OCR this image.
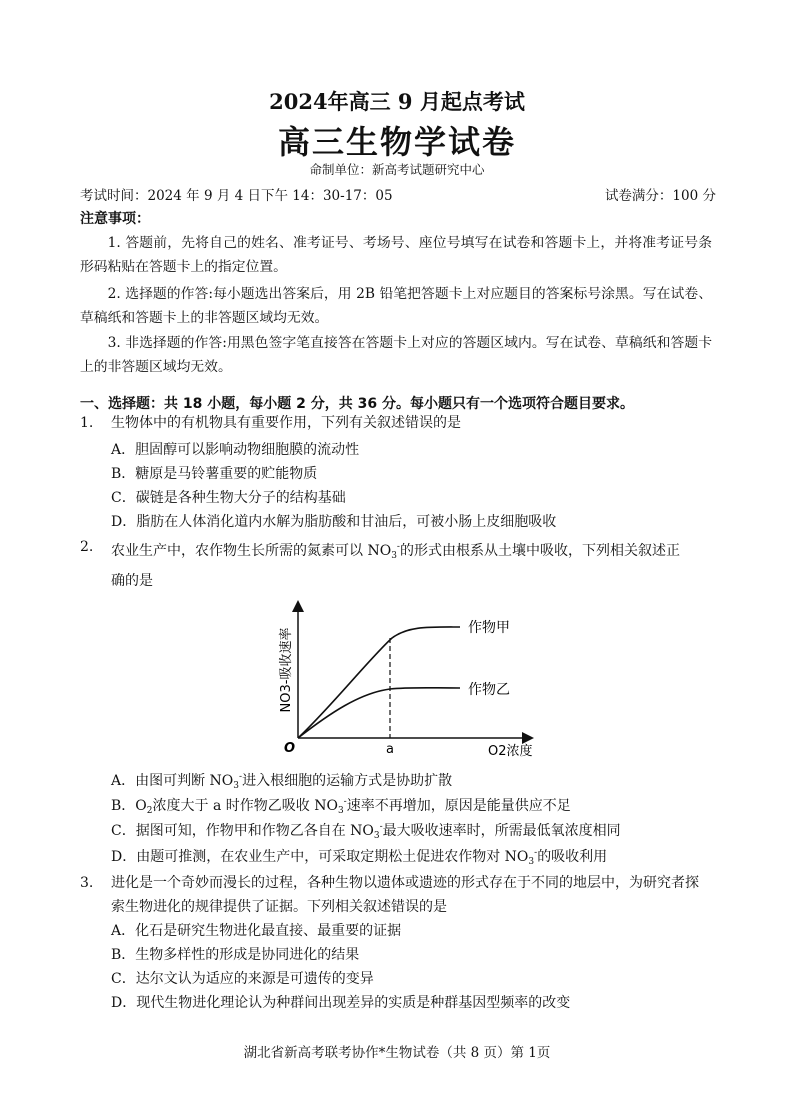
2024年高三 9 月起点考试
高三生物学试卷
命制单位：新高考试题研究中心
考试时间：2024 年 9 月 4 日下午 14：30-17：05	试卷满分：100 分
注意事项：
1. 答题前，先将自己的姓名、准考证号、考场号、座位号填写在试卷和答题卡上，并将准考证号条形码粘贴在答题卡上的指定位置。
2. 选择题的作答:每小题选出答案后，用 2B 铅笔把答题卡上对应题目的答案标号涂黑。写在试卷、草稿纸和答题卡上的非答题区域均无效。
3. 非选择题的作答:用黑色签字笔直接答在答题卡上对应的答题区域内。写在试卷、草稿纸和答题卡上的非答题区域均无效。
一、选择题：共 18 小题，每小题 2 分，共 36 分。每小题只有一个选项符合题目要求。
1. 生物体中的有机物具有重要作用，下列有关叙述错误的是
A．胆固醇可以影响动物细胞膜的流动性
B．糖原是马铃薯重要的贮能物质
C．碳链是各种生物大分子的结构基础
D．脂肪在人体消化道内水解为脂肪酸和甘油后，可被小肠上皮细胞吸收
2. 农业生产中，农作物生长所需的氮素可以 $NO_3^-$的形式由根系从土壤中吸收，下列相关叙述正
确的是
NO3-吸收速率
O2浓度
O	a
作物甲
作物乙
A．由图可判断 $NO_3^-$进入根细胞的运输方式是协助扩散
B．$O_2$浓度大于 a 时作物乙吸收 $NO_3^-$速率不再增加，原因是能量供应不足
C．据图可知，作物甲和作物乙各自在 $NO_3^-$最大吸收速率时，所需最低氧浓度相同
D．由题可推测，在农业生产中，可采取定期松土促进农作物对 $NO_3^-$的吸收利用
3. 进化是一个奇妙而漫长的过程，各种生物以遗体或遗迹的形式存在于不同的地层中，为研究者探索生物进化的规律提供了证据。下列相关叙述错误的是
A．化石是研究生物进化最直接、最重要的证据
B．生物多样性的形成是协同进化的结果
C．达尔文认为适应的来源是可遗传的变异
D．现代生物进化理论认为种群间出现差异的实质是种群基因型频率的改变
湖北省新高考联考协作*生物试卷（共 8 页）第 1页
